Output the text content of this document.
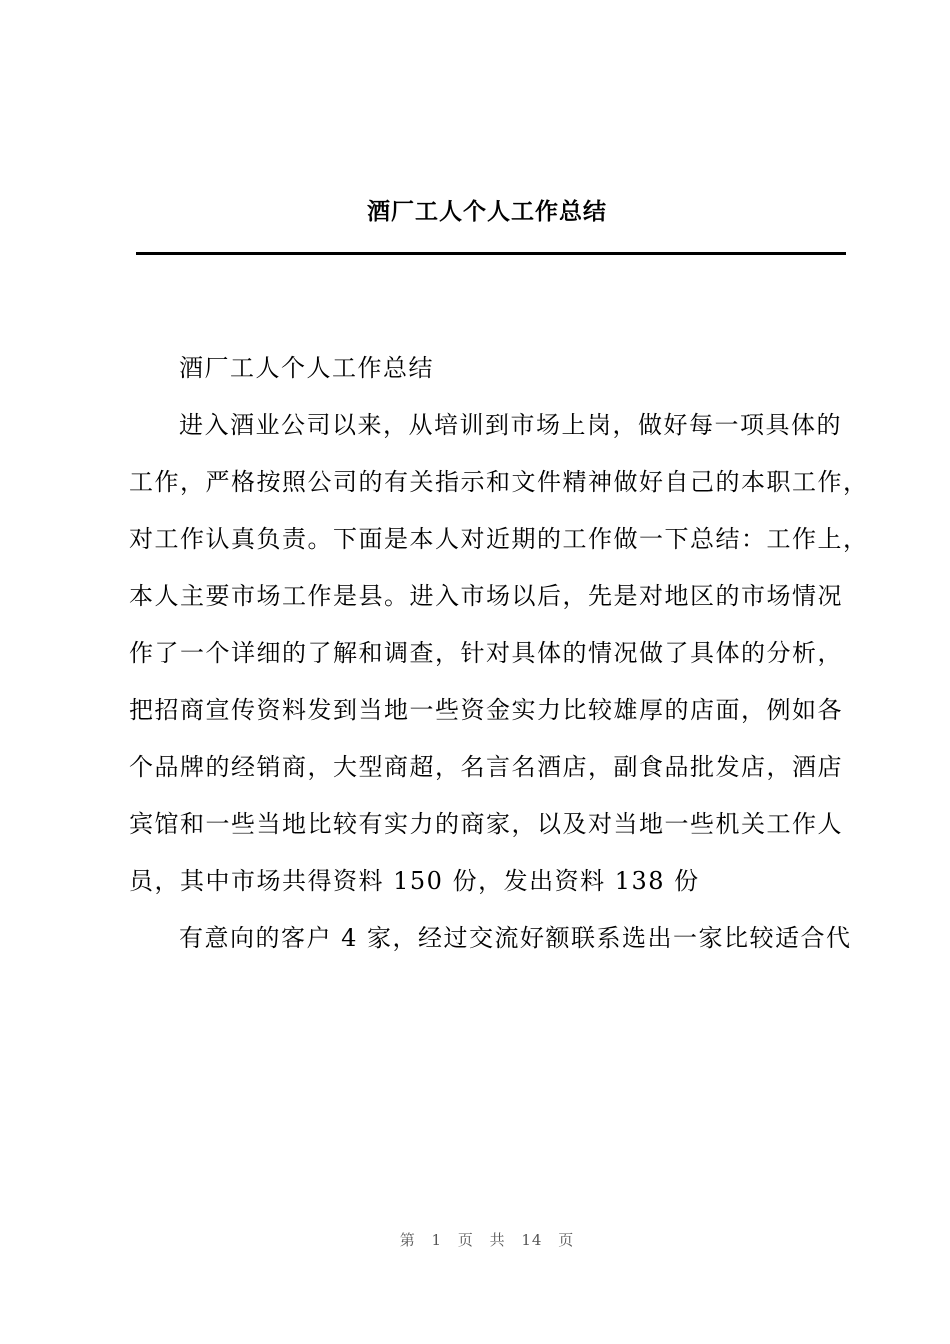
酒厂工人个人工作总结
酒厂工人个人工作总结
进入酒业公司以来，从培训到市场上岗，做好每一项具体的
工作，严格按照公司的有关指示和文件精神做好自己的本职工作，
对工作认真负责。下面是本人对近期的工作做一下总结：工作上，
本人主要市场工作是县。进入市场以后，先是对地区的市场情况
作了一个详细的了解和调查，针对具体的情况做了具体的分析，
把招商宣传资料发到当地一些资金实力比较雄厚的店面，例如各
个品牌的经销商，大型商超，名言名酒店，副食品批发店，酒店
宾馆和一些当地比较有实力的商家，以及对当地一些机关工作人
员，其中市场共得资料 150 份，发出资料 138 份
有意向的客户 4 家，经过交流好额联系选出一家比较适合代
第 1 页 共 14 页
